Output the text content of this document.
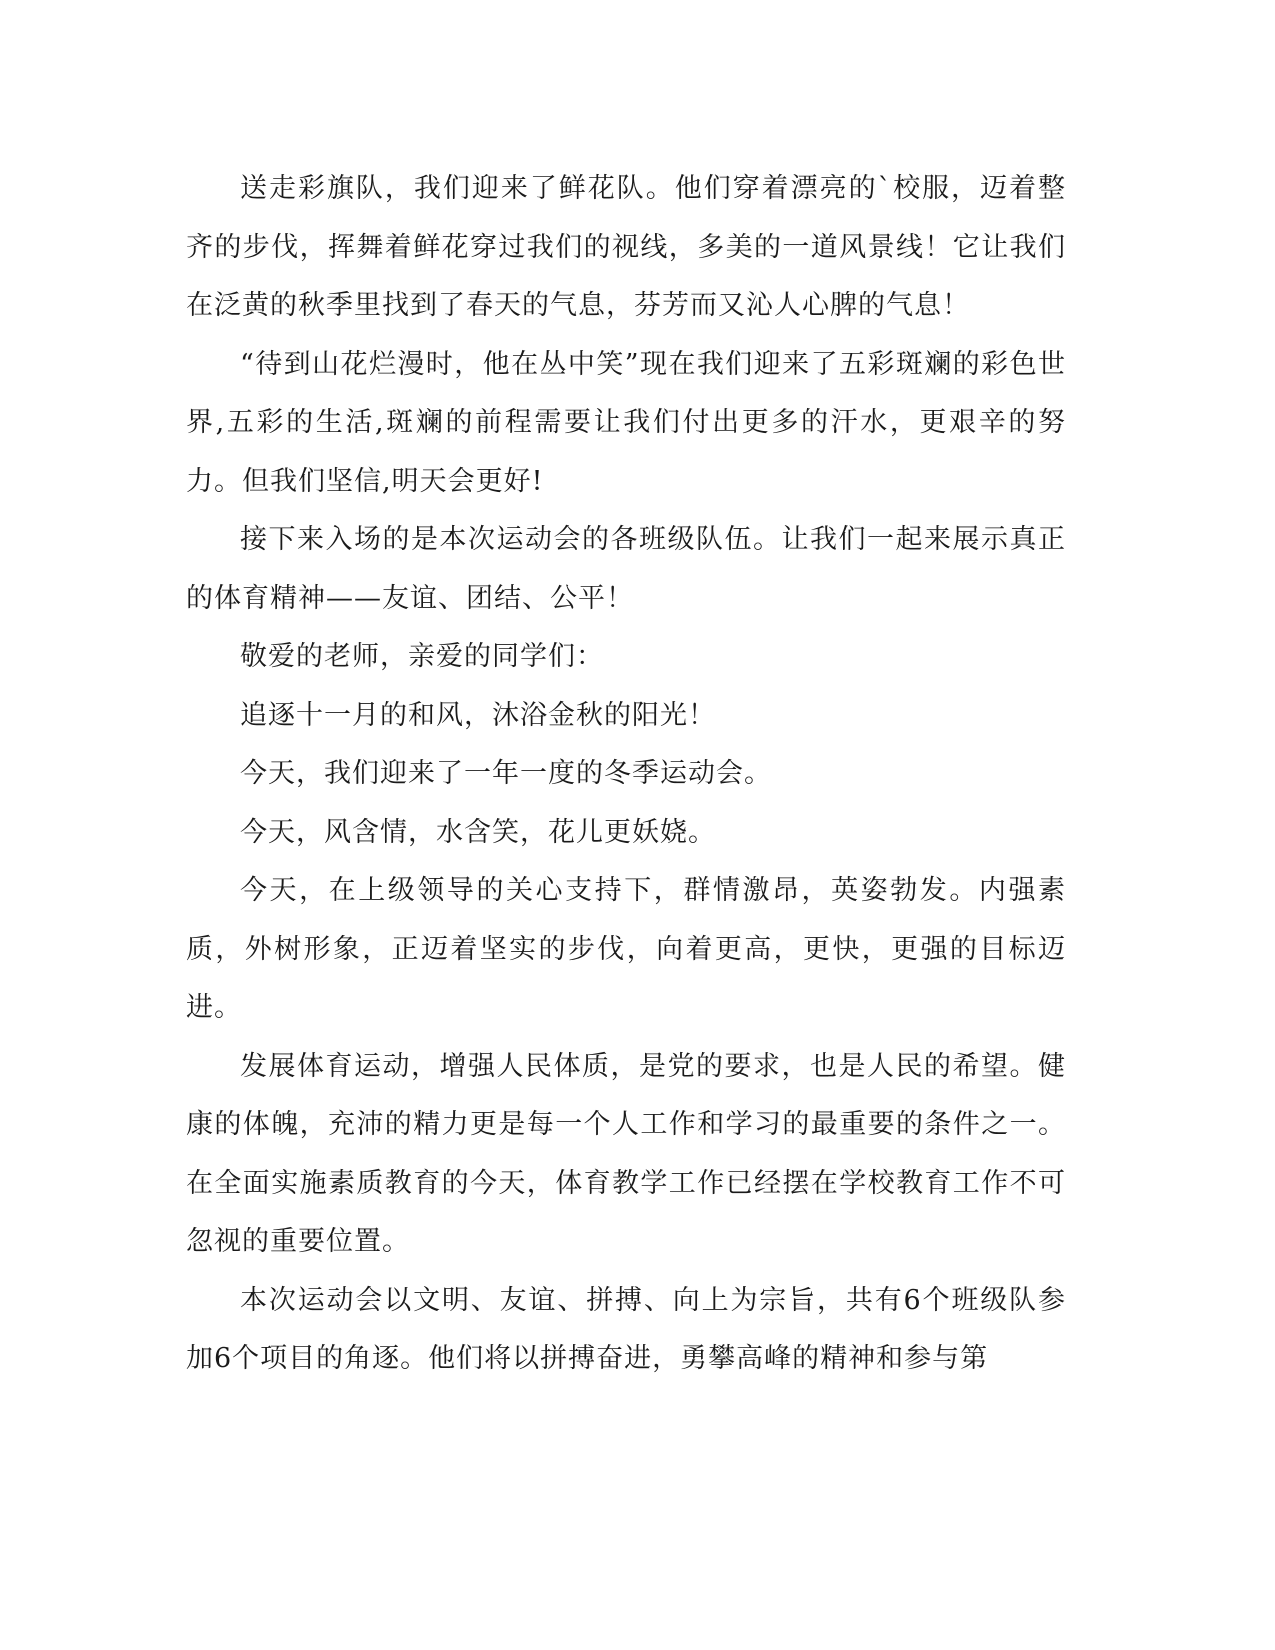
送走彩旗队，我们迎来了鲜花队。他们穿着漂亮的`校服，迈着整齐的步伐，挥舞着鲜花穿过我们的视线，多美的一道风景线！它让我们在泛黄的秋季里找到了春天的气息，芬芳而又沁人心脾的气息！

“待到山花烂漫时，他在丛中笑”现在我们迎来了五彩斑斓的彩色世界,五彩的生活,斑斓的前程需要让我们付出更多的汗水，更艰辛的努力。但我们坚信,明天会更好!

接下来入场的是本次运动会的各班级队伍。让我们一起来展示真正的体育精神——友谊、团结、公平！

敬爱的老师，亲爱的同学们：

追逐十一月的和风，沐浴金秋的阳光！

今天，我们迎来了一年一度的冬季运动会。

今天，风含情，水含笑，花儿更妖娆。

今天，在上级领导的关心支持下，群情激昂，英姿勃发。内强素质，外树形象，正迈着坚实的步伐，向着更高，更快，更强的目标迈进。

发展体育运动，增强人民体质，是党的要求，也是人民的希望。健康的体魄，充沛的精力更是每一个人工作和学习的最重要的条件之一。在全面实施素质教育的今天，体育教学工作已经摆在学校教育工作不可忽视的重要位置。

本次运动会以文明、友谊、拼搏、向上为宗旨，共有6个班级队参加6个项目的角逐。他们将以拼搏奋进，勇攀高峰的精神和参与第
